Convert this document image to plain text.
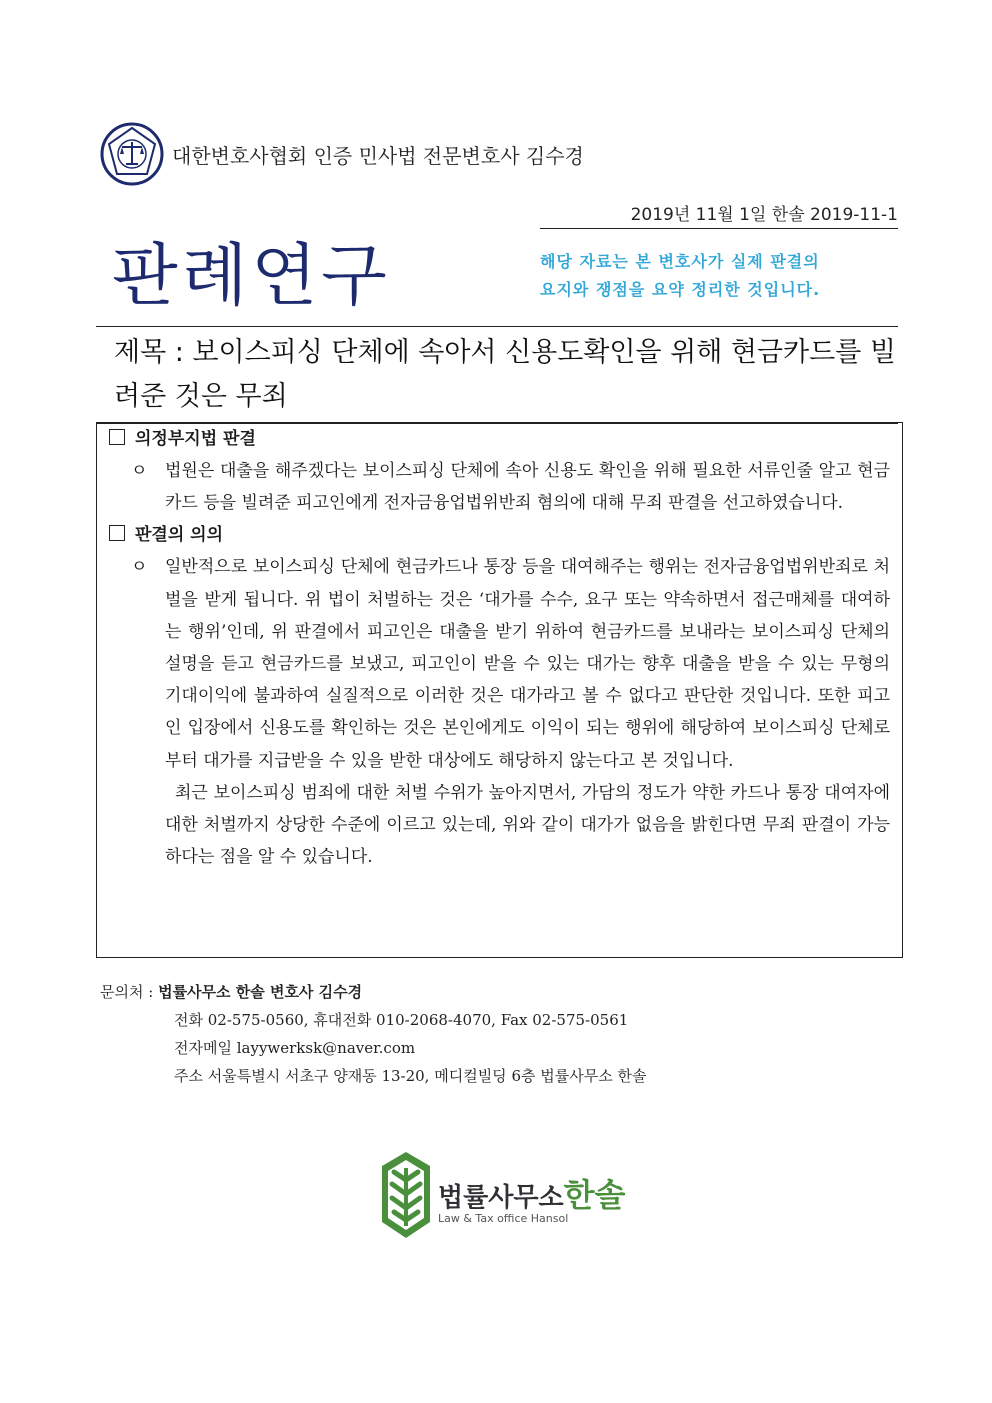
대한변호사협회 인증 민사법 전문변호사 김수경
2019년 11월 1일 한솔 2019-11-1
판례연구	해당 자료는 본 변호사가 실제 판결의
요지와 쟁점을 요약 정리한 것입니다.
제목 : 보이스피싱 단체에 속아서 신용도확인을 위해 현금카드를 빌려준 것은 무죄
의정부지법 판결
ㅇ	법원은 대출을 해주겠다는 보이스피싱 단체에 속아 신용도 확인을 위해 필요한 서류인줄 알고 현금카드 등을 빌려준 피고인에게 전자금융업법위반죄 혐의에 대해 무죄 판결을 선고하였습니다.
판결의 의의
ㅇ	일반적으로 보이스피싱 단체에 현금카드나 통장 등을 대여해주는 행위는 전자금융업법위반죄로 처벌을 받게 됩니다. 위 법이 처벌하는 것은 ‘대가를 수수, 요구 또는 약속하면서 접근매체를 대여하는 행위’인데, 위 판결에서 피고인은 대출을 받기 위하여 현금카드를 보내라는 보이스피싱 단체의 설명을 듣고 현금카드를 보냈고, 피고인이 받을 수 있는 대가는 향후 대출을 받을 수 있는 무형의 기대이익에 불과하여 실질적으로 이러한 것은 대가라고 볼 수 없다고 판단한 것입니다. 또한 피고인 입장에서 신용도를 확인하는 것은 본인에게도 이익이 되는 행위에 해당하여 보이스피싱 단체로부터 대가를 지급받을 수 있을 받한 대상에도 해당하지 않는다고 본 것입니다.
최근 보이스피싱 범죄에 대한 처벌 수위가 높아지면서, 가담의 정도가 약한 카드나 통장 대여자에 대한 처벌까지 상당한 수준에 이르고 있는데, 위와 같이 대가가 없음을 밝힌다면 무죄 판결이 가능하다는 점을 알 수 있습니다.
문의처 : 법률사무소 한솔 변호사 김수경
전화 02-575-0560, 휴대전화 010-2068-4070, Fax 02-575-0561
전자메일 layywerksk@naver.com
주소 서울특별시 서초구 양재동 13-20, 메디컬빌딩 6층 법률사무소 한솔
법률사무소한솔
Law & Tax office Hansol
